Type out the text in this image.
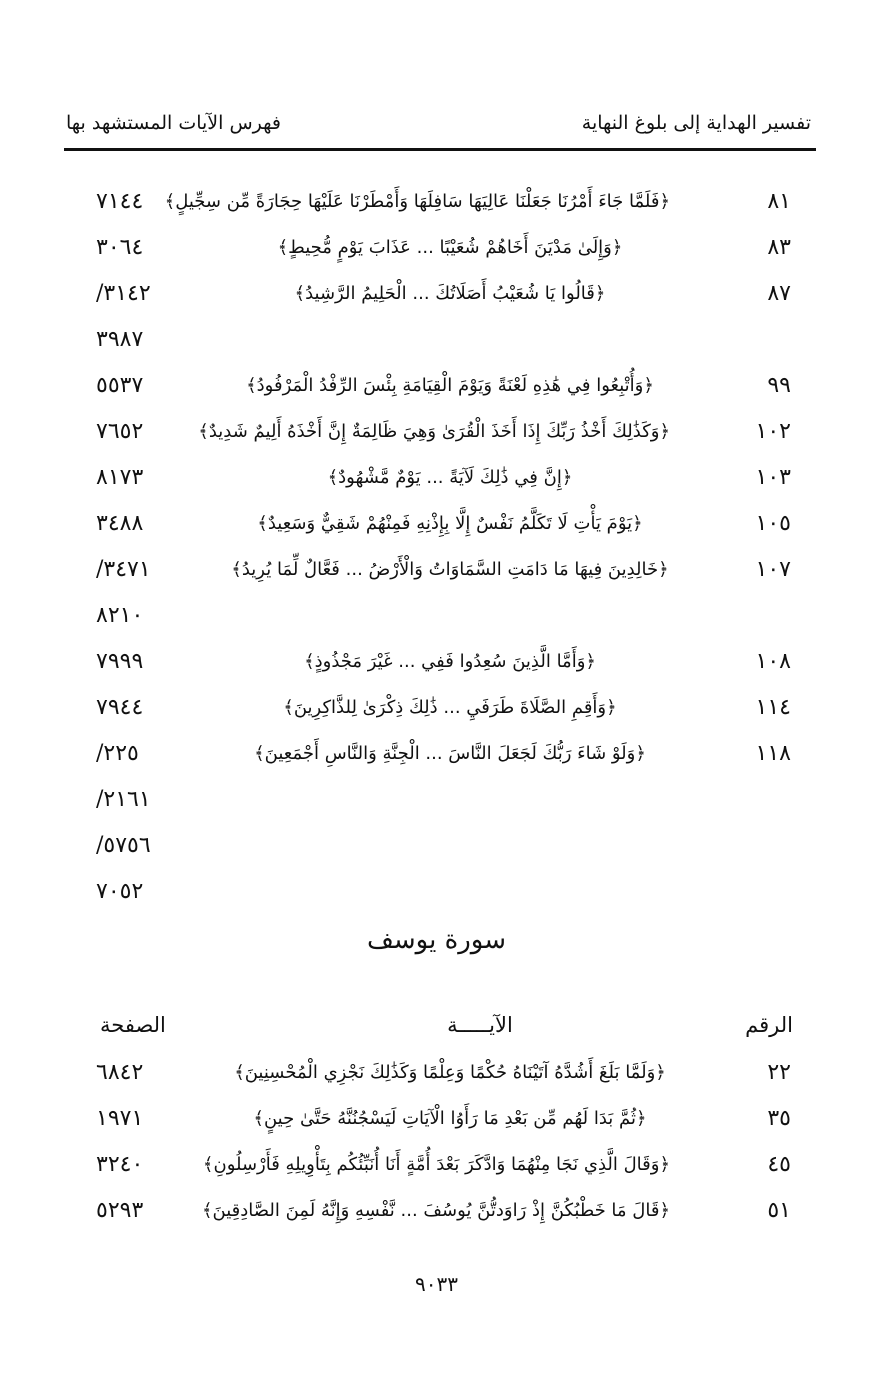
تفسير الهداية إلى بلوغ النهاية
فهرس الآيات المستشهد بها
٨١
﴿فَلَمَّا جَاءَ أَمْرُنَا جَعَلْنَا عَالِيَهَا سَافِلَهَا وَأَمْطَرْنَا عَلَيْهَا حِجَارَةً مِّن سِجِّيلٍ﴾
٧١٤٤
٨٣
﴿وَإِلَىٰ مَدْيَنَ أَخَاهُمْ شُعَيْبًا ... عَذَابَ يَوْمٍ مُّحِيطٍ﴾
٣٠٦٤
٨٧
﴿قَالُوا يَا شُعَيْبُ أَصَلَاتُكَ ... الْحَلِيمُ الرَّشِيدُ﴾
/٣١٤٢
٣٩٨٧
٩٩
﴿وَأُتْبِعُوا فِي هَٰذِهِ لَعْنَةً وَيَوْمَ الْقِيَامَةِ بِئْسَ الرِّفْدُ الْمَرْفُودُ﴾
٥٥٣٧
١٠٢
﴿وَكَذَٰلِكَ أَخْذُ رَبِّكَ إِذَا أَخَذَ الْقُرَىٰ وَهِيَ ظَالِمَةٌ إِنَّ أَخْذَهُ أَلِيمٌ شَدِيدٌ﴾
٧٦٥٢
١٠٣
﴿إِنَّ فِي ذَٰلِكَ لَآيَةً ... يَوْمٌ مَّشْهُودٌ﴾
٨١٧٣
١٠٥
﴿يَوْمَ يَأْتِ لَا تَكَلَّمُ نَفْسٌ إِلَّا بِإِذْنِهِ فَمِنْهُمْ شَقِيٌّ وَسَعِيدٌ﴾
٣٤٨٨
١٠٧
﴿خَالِدِينَ فِيهَا مَا دَامَتِ السَّمَاوَاتُ وَالْأَرْضُ ... فَعَّالٌ لِّمَا يُرِيدُ﴾
/٣٤٧١
٨٢١٠
١٠٨
﴿وَأَمَّا الَّذِينَ سُعِدُوا فَفِي ... غَيْرَ مَجْذُوذٍ﴾
٧٩٩٩
١١٤
﴿وَأَقِمِ الصَّلَاةَ طَرَفَيِ ... ذَٰلِكَ ذِكْرَىٰ لِلذَّاكِرِينَ﴾
٧٩٤٤
١١٨
﴿وَلَوْ شَاءَ رَبُّكَ لَجَعَلَ النَّاسَ ... الْجِنَّةِ وَالنَّاسِ أَجْمَعِينَ﴾
/٢٢٥
/٢١٦١
/٥٧٥٦
٧٠٥٢
سورة يوسف
الرقم
الآيـــــة
الصفحة
٢٢
﴿وَلَمَّا بَلَغَ أَشُدَّهُ آتَيْنَاهُ حُكْمًا وَعِلْمًا وَكَذَٰلِكَ نَجْزِي الْمُحْسِنِينَ﴾
٦٨٤٢
٣٥
﴿ثُمَّ بَدَا لَهُم مِّن بَعْدِ مَا رَأَوُا الْآيَاتِ لَيَسْجُنُنَّهُ حَتَّىٰ حِينٍ﴾
١٩٧١
٤٥
﴿وَقَالَ الَّذِي نَجَا مِنْهُمَا وَادَّكَرَ بَعْدَ أُمَّةٍ أَنَا أُنَبِّئُكُم بِتَأْوِيلِهِ فَأَرْسِلُونِ﴾
٣٢٤٠
٥١
﴿قَالَ مَا خَطْبُكُنَّ إِذْ رَاوَدتُّنَّ يُوسُفَ ... نَّفْسِهِ وَإِنَّهُ لَمِنَ الصَّادِقِينَ﴾
٥٢٩٣
٩٠٣٣
